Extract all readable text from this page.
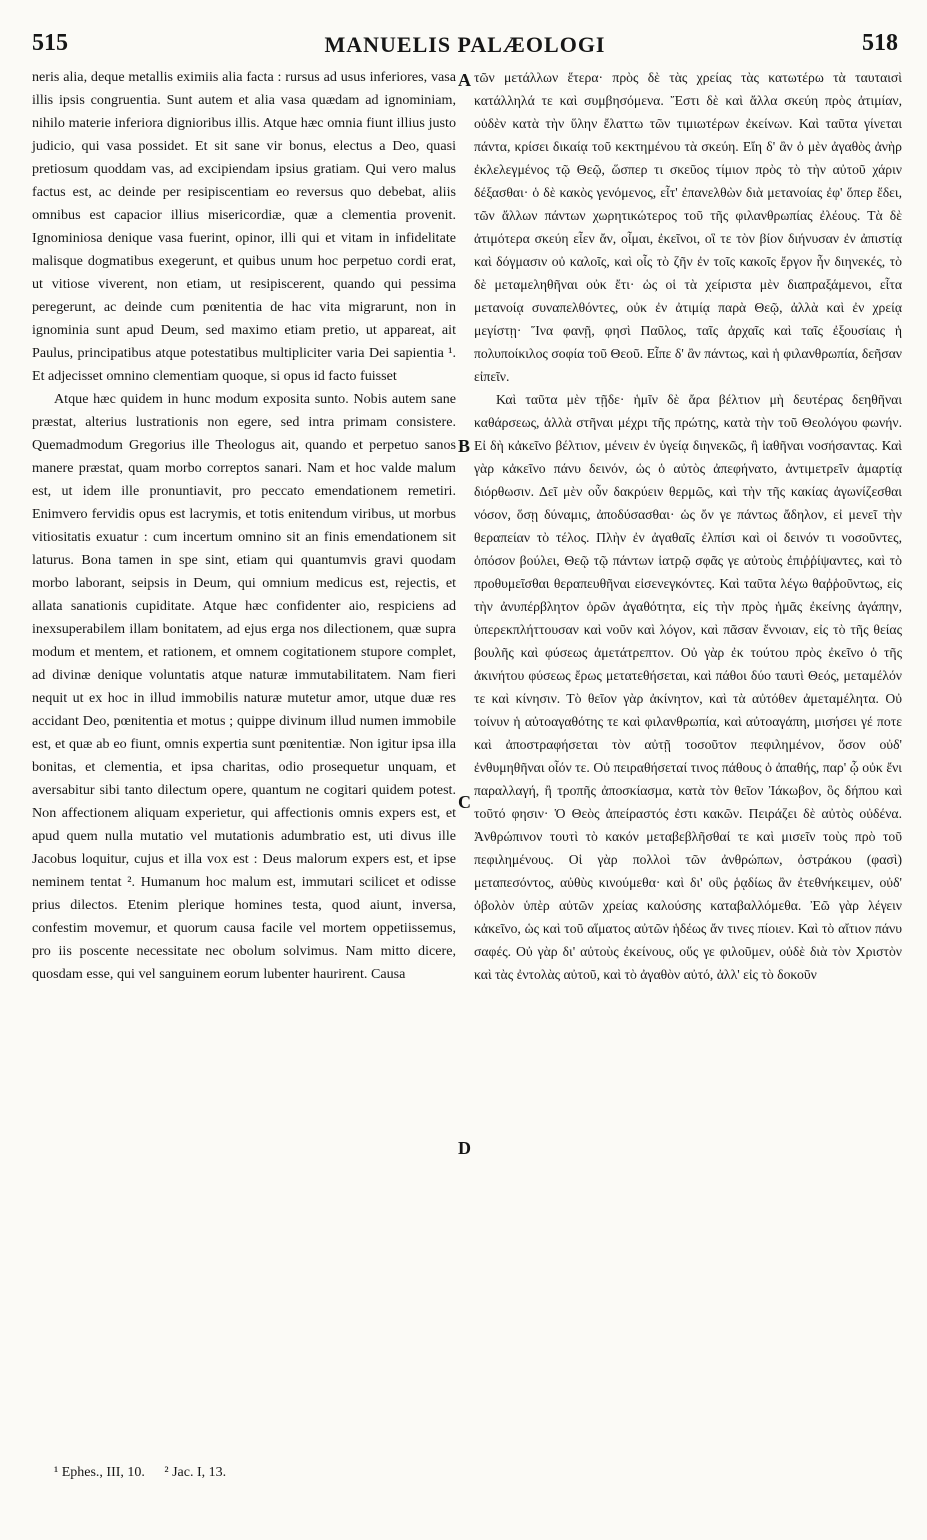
515	MANUELIS PALÆOLOGI	518

neris alia, deque metallis eximiis alia facta : rursus ad usus inferiores, vasa illis ipsis congruentia. Sunt autem et alia vasa quædam ad ignominiam, nihilo materie inferiora dignioribus illis. Atque hæc omnia fiunt illius justo judicio, qui vasa possidet. Et sit sane vir bonus, electus a Deo, quasi pretiosum quoddam vas, ad excipiendam ipsius gratiam. Qui vero malus factus est, ac deinde per resipiscentiam eo reversus quo debebat, aliis omnibus est capacior illius misericordiæ, quæ a clementia provenit. Ignominiosa denique vasa fuerint, opinor, illi qui et vitam in infidelitate malisque dogmatibus exegerunt, et quibus unum hoc perpetuo cordi erat, ut vitiose viverent, non etiam, ut resipiscerent, quando qui pessima peregerunt, ac deinde cum pœnitentia de hac vita migrarunt, non in ignominia sunt apud Deum, sed maximo etiam pretio, ut appareat, ait Paulus, principatibus atque potestatibus multipliciter varia Dei sapientia ¹. Et adjecisset omnino clementiam quoque, si opus id facto fuisset

Atque hæc quidem in hunc modum exposita sunto. Nobis autem sane præstat, alterius lustrationis non egere, sed intra primam consistere. Quemadmodum Gregorius ille Theologus ait, quando et perpetuo sanos manere præstat, quam morbo correptos sanari. Nam et hoc valde malum est, ut idem ille pronuntiavit, pro peccato emendationem remetiri. Enimvero fervidis opus est lacrymis, et totis enitendum viribus, ut morbus vitiositatis exuatur : cum incertum omnino sit an finis emendationem sit laturus. Bona tamen in spe sint, etiam qui quantumvis gravi quodam morbo laborant, seipsis in Deum, qui omnium medicus est, rejectis, et allata sanationis cupiditate. Atque hæc confidenter aio, respiciens ad inexsuperabilem illam bonitatem, ad ejus erga nos dilectionem, quæ supra modum et mentem, et rationem, et omnem cogitationem stupore complet, ad divinæ denique voluntatis atque naturæ immutabilitatem. Nam fieri nequit ut ex hoc in illud immobilis naturæ mutetur amor, utque duæ res accidant Deo, pœnitentia et motus ; quippe divinum illud numen immobile est, et quæ ab eo fiunt, omnis expertia sunt pœnitentiæ. Non igitur ipsa illa bonitas, et clementia, et ipsa charitas, odio prosequetur unquam, et aversabitur sibi tanto dilectum opere, quantum ne cogitari quidem potest. Non affectionem aliquam experietur, qui affectionis omnis expers est, et apud quem nulla mutatio vel mutationis adumbratio est, uti divus ille Jacobus loquitur, cujus et illa vox est : Deus malorum expers est, et ipse neminem tentat ². Humanum hoc malum est, immutari scilicet et odisse prius dilectos. Etenim plerique homines testa, quod aiunt, inversa, confestim movemur, et quorum causa facile vel mortem oppetiissemus, pro iis poscente necessitate nec obolum solvimus. Nam mitto dicere, quosdam esse, qui vel sanguinem eorum lubenter haurirent. Causa

A
B
C
D

τῶν μετάλλων ἕτερα· πρὸς δὲ τὰς χρείας τὰς κατωτέρω τὰ ταυταισὶ κατάλληλά τε καὶ συμβησόμενα. Ἔστι δὲ καὶ ἄλλα σκεύη πρὸς ἀτιμίαν, οὐδὲν κατὰ τὴν ὕλην ἔλαττω τῶν τιμιωτέρων ἐκείνων. Καὶ ταῦτα γίνεται πάντα, κρίσει δικαίᾳ τοῦ κεκτημένου τὰ σκεύη. Εἴη δ' ἂν ὁ μὲν ἀγαθὸς ἀνὴρ ἐκλελεγμένος τῷ Θεῷ, ὥσπερ τι σκεῦος τίμιον πρὸς τὸ τὴν αὐτοῦ χάριν δέξασθαι· ὁ δὲ κακὸς γενόμενος, εἶτ' ἐπανελθὼν διὰ μετανοίας ἐφ' ὅπερ ἔδει, τῶν ἄλλων πάντων χωρητικώτερος τοῦ τῆς φιλανθρωπίας ἐλέους. Τὰ δὲ ἀτιμότερα σκεύη εἶεν ἄν, οἶμαι, ἐκεῖνοι, οἳ τε τὸν βίον διήνυσαν ἐν ἀπιστίᾳ καὶ δόγμασιν οὐ καλοῖς, καὶ οἷς τὸ ζῆν ἐν τοῖς κακοῖς ἔργον ἦν διηνεκές, τὸ δὲ μεταμεληθῆναι οὐκ ἔτι· ὡς οἱ τὰ χείριστα μὲν διαπραξάμενοι, εἶτα μετανοίᾳ συναπελθόντες, οὐκ ἐν ἀτιμίᾳ παρὰ Θεῷ, ἀλλὰ καὶ ἐν χρείᾳ μεγίστῃ· Ἵνα φανῇ, φησὶ Παῦλος, ταῖς ἀρχαῖς καὶ ταῖς ἐξουσίαις ἡ πολυποίκιλος σοφία τοῦ Θεοῦ. Εἶπε δ' ἂν πάντως, καὶ ἡ φιλανθρωπία, δεῆσαν εἰπεῖν.

Καὶ ταῦτα μὲν τῇδε· ἡμῖν δὲ ἄρα βέλτιον μὴ δευτέρας δεηθῆναι καθάρσεως, ἀλλὰ στῆναι μέχρι τῆς πρώτης, κατὰ τὴν τοῦ Θεολόγου φωνήν. Εἰ δὴ κἀκεῖνο βέλτιον, μένειν ἐν ὑγείᾳ διηνεκῶς, ἢ ἰαθῆναι νοσήσαντας. Καὶ γὰρ κἀκεῖνο πάνυ δεινόν, ὡς ὁ αὐτὸς ἀπεφήνατο, ἀντιμετρεῖν ἁμαρτίᾳ διόρθωσιν. Δεῖ μὲν οὖν δακρύειν θερμῶς, καὶ τὴν τῆς κακίας ἀγωνίζεσθαι νόσον, ὅσῃ δύναμις, ἀποδύσασθαι· ὡς ὄν γε πάντως ἄδηλον, εἰ μενεῖ τὴν θεραπείαν τὸ τέλος. Πλὴν ἐν ἀγαθαῖς ἐλπίσι καὶ οἱ δεινόν τι νοσοῦντες, ὁπόσον βούλει, Θεῷ τῷ πάντων ἰατρῷ σφᾶς γε αὐτοὺς ἐπιῤῥίψαντες, καὶ τὸ προθυμεῖσθαι θεραπευθῆναι εἰσενεγκόντες. Καὶ ταῦτα λέγω θαῤῥοῦντως, εἰς τὴν ἀνυπέρβλητον ὁρῶν ἀγαθότητα, εἰς τὴν πρὸς ἡμᾶς ἐκείνης ἀγάπην, ὑπερεκπλήττουσαν καὶ νοῦν καὶ λόγον, καὶ πᾶσαν ἔννοιαν, εἰς τὸ τῆς θείας βουλῆς καὶ φύσεως ἀμετάτρεπτον. Οὐ γὰρ ἐκ τούτου πρὸς ἐκεῖνο ὁ τῆς ἀκινήτου φύσεως ἔρως μετατεθήσεται, καὶ πάθοι δύο ταυτὶ Θεός, μεταμέλόν τε καὶ κίνησιν. Τὸ θεῖον γὰρ ἀκίνητον, καὶ τὰ αὐτόθεν ἀμεταμέλητα. Οὐ τοίνυν ἡ αὐτοαγαθότης τε καὶ φιλανθρωπία, καὶ αὐτοαγάπη, μισήσει γέ ποτε καὶ ἀποστραφήσεται τὸν αὐτῇ τοσοῦτον πεφιλημένον, ὅσον οὐδ' ἐνθυμηθῆναι οἷόν τε. Οὐ πειραθήσεταί τινος πάθους ὁ ἀπαθής, παρ' ᾧ οὐκ ἔνι παραλλαγή, ἢ τροπῆς ἀποσκίασμα, κατὰ τὸν θεῖον Ἰάκωβον, ὃς δήπου καὶ τοῦτό φησιν· Ὁ Θεὸς ἀπείραστός ἐστι κακῶν. Πειράζει δὲ αὐτὸς οὐδένα. Ἀνθρώπινον τουτὶ τὸ κακόν μεταβεβλῆσθαί τε καὶ μισεῖν τοὺς πρὸ τοῦ πεφιλημένους. Οἱ γὰρ πολλοὶ τῶν ἀνθρώπων, ὀστράκου (φασὶ) μεταπεσόντος, αὐθὺς κινούμεθα· καὶ δι' οὓς ῥᾳδίως ἂν ἐτεθνήκειμεν, οὐδ' ὀβολὸν ὑπὲρ αὐτῶν χρείας καλούσης καταβαλλόμεθα. Ἐῶ γὰρ λέγειν κἀκεῖνο, ὡς καὶ τοῦ αἵματος αὐτῶν ἡδέως ἄν τινες πίοιεν. Καὶ τὸ αἴτιον πάνυ σαφές. Οὐ γὰρ δι' αὐτοὺς ἐκείνους, οὕς γε φιλοῦμεν, οὐδὲ διὰ τὸν Χριστὸν καὶ τὰς ἐντολὰς αὐτοῦ, καὶ τὸ ἀγαθὸν αὐτό, ἀλλ' εἰς τὸ δοκοῦν

¹ Ephes., III, 10. ² Jac. I, 13.
